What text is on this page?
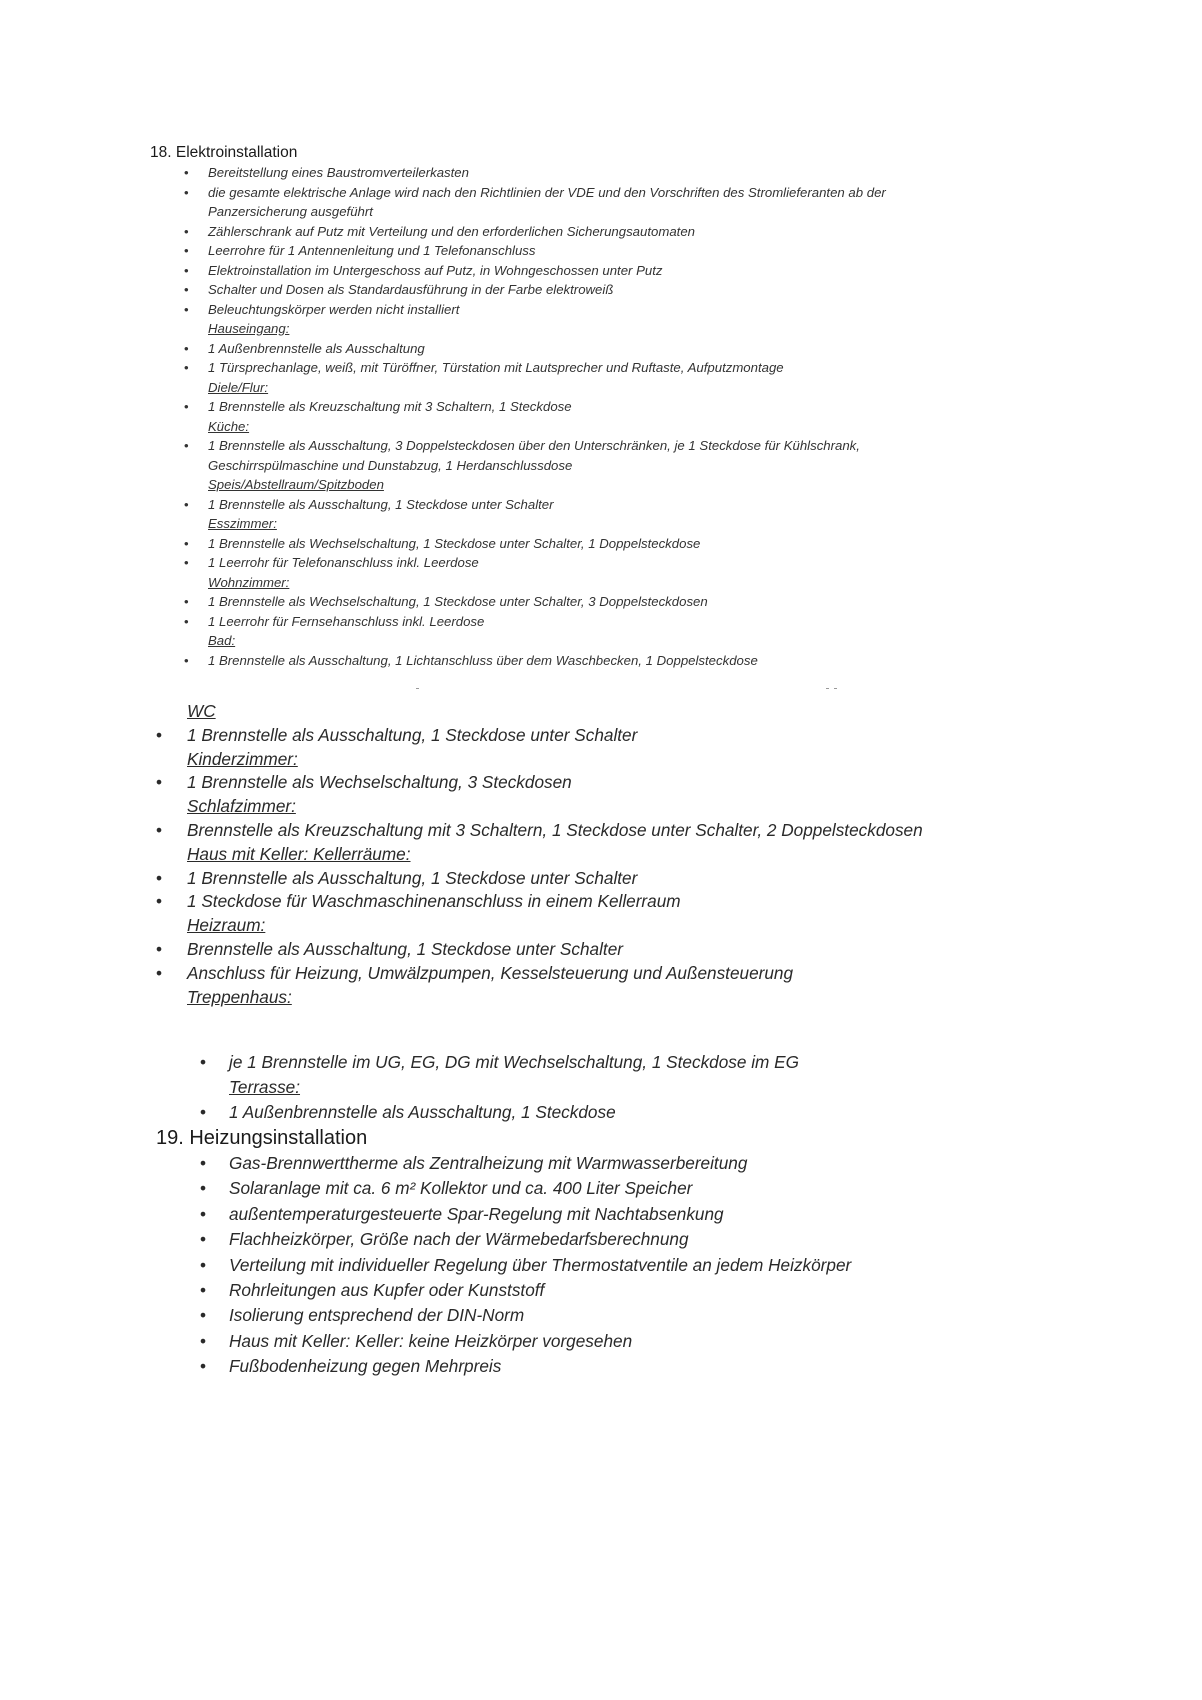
18. Elektroinstallation
• Bereitstellung eines Baustromverteilerkasten
• die gesamte elektrische Anlage wird nach den Richtlinien der VDE und den Vorschriften des Stromlieferanten ab der
Panzersicherung ausgeführt
• Zählerschrank auf Putz mit Verteilung und den erforderlichen Sicherungsautomaten
• Leerrohre für 1 Antennenleitung und 1 Telefonanschluss
• Elektroinstallation im Untergeschoss auf Putz, in Wohngeschossen unter Putz
• Schalter und Dosen als Standardausführung in der Farbe elektroweiß
• Beleuchtungskörper werden nicht installiert
Hauseingang:
• 1 Außenbrennstelle als Ausschaltung
• 1 Türsprechanlage, weiß, mit Türöffner, Türstation mit Lautsprecher und Ruftaste, Aufputzmontage
Diele/Flur:
• 1 Brennstelle als Kreuzschaltung mit 3 Schaltern, 1 Steckdose
Küche:
• 1 Brennstelle als Ausschaltung, 3 Doppelsteckdosen über den Unterschränken, je 1 Steckdose für Kühlschrank,
Geschirrspülmaschine und Dunstabzug, 1 Herdanschlussdose
Speis/Abstellraum/Spitzboden
• 1 Brennstelle als Ausschaltung, 1 Steckdose unter Schalter
Esszimmer:
• 1 Brennstelle als Wechselschaltung, 1 Steckdose unter Schalter, 1 Doppelsteckdose
• 1 Leerrohr für Telefonanschluss inkl. Leerdose
Wohnzimmer:
• 1 Brennstelle als Wechselschaltung, 1 Steckdose unter Schalter, 3 Doppelsteckdosen
• 1 Leerrohr für Fernsehanschluss inkl. Leerdose
Bad:
• 1 Brennstelle als Ausschaltung, 1 Lichtanschluss über dem Waschbecken, 1 Doppelsteckdose
WC
• 1 Brennstelle als Ausschaltung, 1 Steckdose unter Schalter
Kinderzimmer:
• 1 Brennstelle als Wechselschaltung, 3 Steckdosen
Schlafzimmer:
• Brennstelle als Kreuzschaltung mit 3 Schaltern, 1 Steckdose unter Schalter, 2 Doppelsteckdosen
Haus mit Keller: Kellerräume:
• 1 Brennstelle als Ausschaltung, 1 Steckdose unter Schalter
• 1 Steckdose für Waschmaschinenanschluss in einem Kellerraum
Heizraum:
• Brennstelle als Ausschaltung, 1 Steckdose unter Schalter
• Anschluss für Heizung, Umwälzpumpen, Kesselsteuerung und Außensteuerung
Treppenhaus:
• je 1 Brennstelle im UG, EG, DG mit Wechselschaltung, 1 Steckdose im EG
Terrasse:
• 1 Außenbrennstelle als Ausschaltung, 1 Steckdose
19. Heizungsinstallation
• Gas-Brennwerttherme als Zentralheizung mit Warmwasserbereitung
• Solaranlage mit ca. 6 m² Kollektor und ca. 400 Liter Speicher
• außentemperaturgesteuerte Spar-Regelung mit Nachtabsenkung
• Flachheizkörper, Größe nach der Wärmebedarfsberechnung
• Verteilung mit individueller Regelung über Thermostatventile an jedem Heizkörper
• Rohrleitungen aus Kupfer oder Kunststoff
• Isolierung entsprechend der DIN-Norm
• Haus mit Keller: Keller: keine Heizkörper vorgesehen
• Fußbodenheizung gegen Mehrpreis
